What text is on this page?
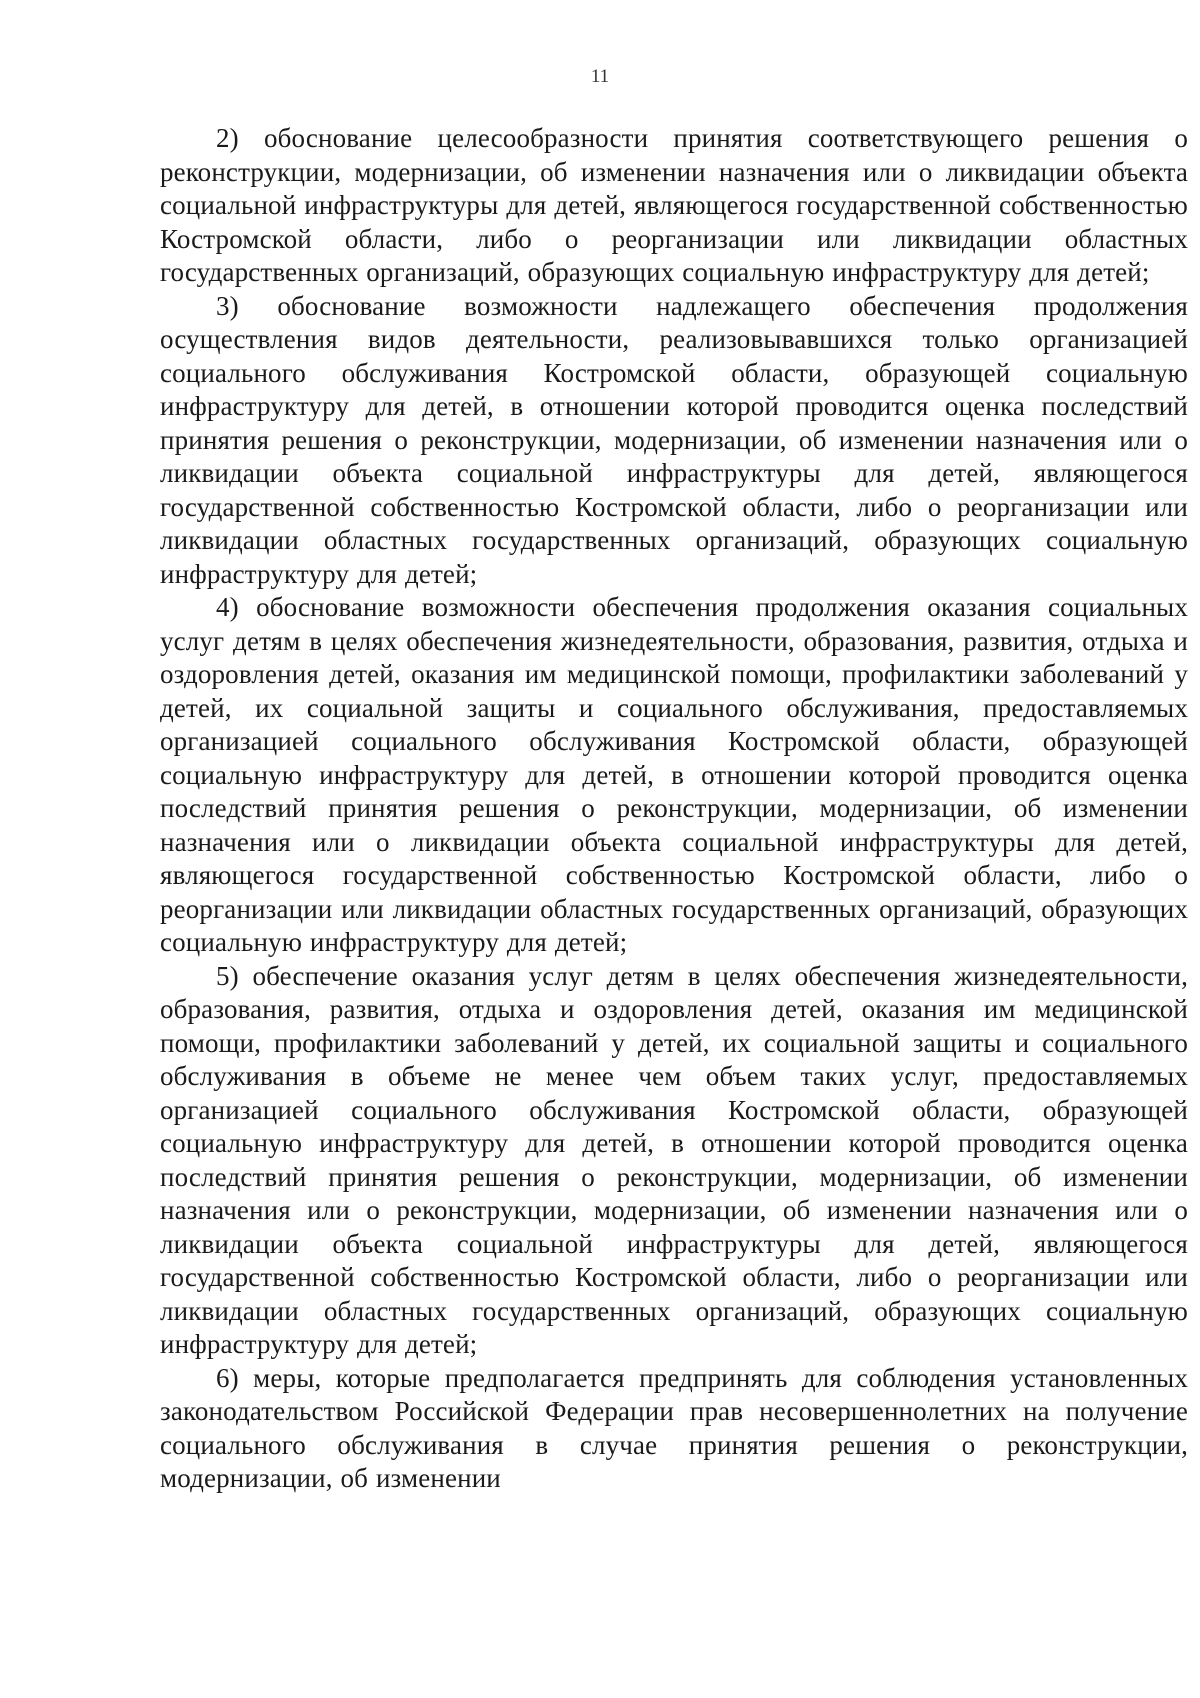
11

2) обоснование целесообразности принятия соответствующего решения о реконструкции, модернизации, об изменении назначения или о ликвидации объекта социальной инфраструктуры для детей, являющегося государственной собственностью Костромской области, либо о реорганизации или ликвидации областных государственных организаций, образующих социальную инфраструктуру для детей;

3) обоснование возможности надлежащего обеспечения продолжения осуществления видов деятельности, реализовывавшихся только организацией социального обслуживания Костромской области, образующей социальную инфраструктуру для детей, в отношении которой проводится оценка последствий принятия решения о реконструкции, модернизации, об изменении назначения или о ликвидации объекта социальной инфраструктуры для детей, являющегося государственной собственностью Костромской области, либо о реорганизации или ликвидации областных государственных организаций, образующих социальную инфраструктуру для детей;

4) обоснование возможности обеспечения продолжения оказания социальных услуг детям в целях обеспечения жизнедеятельности, образования, развития, отдыха и оздоровления детей, оказания им медицинской помощи, профилактики заболеваний у детей, их социальной защиты и социального обслуживания, предоставляемых организацией социального обслуживания Костромской области, образующей социальную инфраструктуру для детей, в отношении которой проводится оценка последствий принятия решения о реконструкции, модернизации, об изменении назначения или о ликвидации объекта социальной инфраструктуры для детей, являющегося государственной собственностью Костромской области, либо о реорганизации или ликвидации областных государственных организаций, образующих социальную инфраструктуру для детей;

5) обеспечение оказания услуг детям в целях обеспечения жизнедеятельности, образования, развития, отдыха и оздоровления детей, оказания им медицинской помощи, профилактики заболеваний у детей, их социальной защиты и социального обслуживания в объеме не менее чем объем таких услуг, предоставляемых организацией социального обслуживания Костромской области, образующей социальную инфраструктуру для детей, в отношении которой проводится оценка последствий принятия решения о реконструкции, модернизации, об изменении назначения или о реконструкции, модернизации, об изменении назначения или о ликвидации объекта социальной инфраструктуры для детей, являющегося государственной собственностью Костромской области, либо о реорганизации или ликвидации областных государственных организаций, образующих социальную инфраструктуру для детей;

6) меры, которые предполагается предпринять для соблюдения установленных законодательством Российской Федерации прав несовершеннолетних на получение социального обслуживания в случае принятия решения о реконструкции, модернизации, об изменении
